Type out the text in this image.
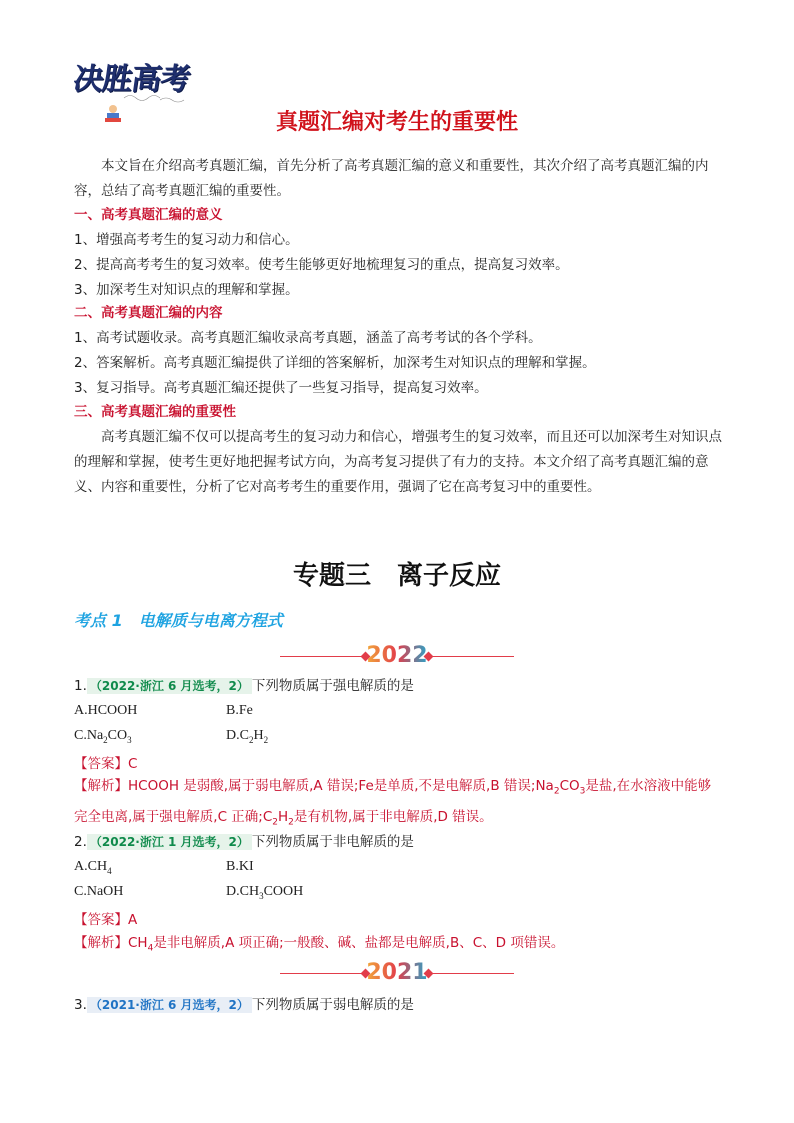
决胜高考
真题汇编对考生的重要性

本文旨在介绍高考真题汇编，首先分析了高考真题汇编的意义和重要性，其次介绍了高考真题汇编的内容，总结了高考真题汇编的重要性。

一、高考真题汇编的意义

1、增强高考考生的复习动力和信心。

2、提高高考考生的复习效率。使考生能够更好地梳理复习的重点，提高复习效率。

3、加深考生对知识点的理解和掌握。

二、高考真题汇编的内容

1、高考试题收录。高考真题汇编收录高考真题，涵盖了高考考试的各个学科。

2、答案解析。高考真题汇编提供了详细的答案解析，加深考生对知识点的理解和掌握。

3、复习指导。高考真题汇编还提供了一些复习指导，提高复习效率。

三、高考真题汇编的重要性

高考真题汇编不仅可以提高考生的复习动力和信心，增强考生的复习效率，而且还可以加深考生对知识点的理解和掌握，使考生更好地把握考试方向，为高考复习提供了有力的支持。本文介绍了高考真题汇编的意义、内容和重要性，分析了它对高考考生的重要作用，强调了它在高考复习中的重要性。

专题三　离子反应
考点 1　电解质与电离方程式
2022
1. （2022·浙江 6 月选考，2） 下列物质属于强电解质的是
A.HCOOH	B.Fe
$C.Na_2CO_3$	$D.C_2H_2$
【答案】C

【解析】HCOOH 是弱酸,属于弱电解质,A 错误;Fe是单质,不是电解质,B 错误$;Na_2CO_3$是盐,在水溶液中能够完全电离,属于强电解质,C 正确$;C_2H_2$是有机物,属于非电解质,D 错误。

2. （2022·浙江 1 月选考，2） 下列物质属于非电解质的是
$A.CH_4$	B.KI
C.NaOH	$D.CH_3COOH$
【答案】A

【解析】$CH_4$是非电解质,A 项正确;一般酸、碱、盐都是电解质,B、C、D 项错误。

2021
3. （2021·浙江 6 月选考，2） 下列物质属于弱电解质的是
